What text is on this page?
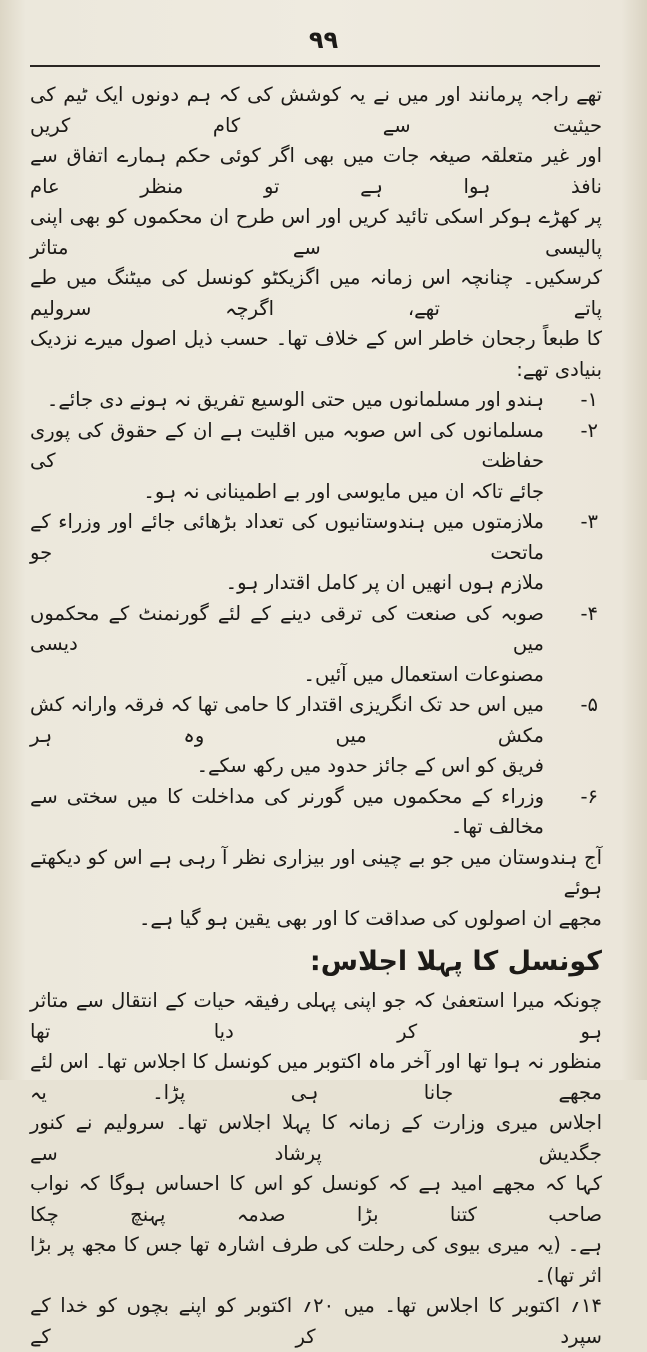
۹۹

تھے راجہ پرمانند اور میں نے یہ کوشش کی کہ ہم دونوں ایک ٹیم کی حیثیت سے کام کریں
اور غیر متعلقہ صیغہ جات میں بھی اگر کوئی حکم ہمارے اتفاق سے نافذ ہوا ہے تو منظر عام
پر کھڑے ہوکر اسکی تائید کریں اور اس طرح ان محکموں کو بھی اپنی پالیسی سے متاثر
کرسکیں۔ چنانچہ اس زمانہ میں اگزیکٹو کونسل کی میٹنگ میں طے پاتے تھے، اگرچہ سرولیم
کا طبعاً رجحان خاطر اس کے خلاف تھا۔ حسب ذیل اصول میرے نزدیک بنیادی تھے:

۱-
ہندو اور مسلمانوں میں حتی الوسیع تفریق نہ ہونے دی جائے۔
۲-
مسلمانوں کی اس صوبہ میں اقلیت ہے ان کے حقوق کی پوری حفاظت کی
جائے تاکہ ان میں مایوسی اور بے اطمینانی نہ ہو۔
۳-
ملازمتوں میں ہندوستانیوں کی تعداد بڑھائی جائے اور وزراء کے ماتحت جو
ملازم ہوں انھیں ان پر کامل اقتدار ہو۔
۴-
صوبہ کی صنعت کی ترقی دینے کے لئے گورنمنٹ کے محکموں میں دیسی
مصنوعات استعمال میں آئیں۔
۵-
میں اس حد تک انگریزی اقتدار کا حامی تھا کہ فرقہ وارانہ کش مکش میں وہ ہر
فریق کو اس کے جائز حدود میں رکھ سکے۔
۶-
وزراء کے محکموں میں گورنر کی مداخلت کا میں سختی سے مخالف تھا۔

آج ہندوستان میں جو بے چینی اور بیزاری نظر آ رہی ہے اس کو دیکھتے ہوئے
مجھے ان اصولوں کی صداقت کا اور بھی یقین ہو گیا ہے۔

کونسل کا پہلا اجلاس:

چونکہ میرا استعفیٰ کہ جو اپنی پہلی رفیقہ حیات کے انتقال سے متاثر ہو کر دیا تھا
منظور نہ ہوا تھا اور آخر ماہ اکتوبر میں کونسل کا اجلاس تھا۔ اس لئے مجھے جانا ہی پڑا۔ یہ
اجلاس میری وزارت کے زمانہ کا پہلا اجلاس تھا۔ سرولیم نے کنور جگدیش پرشاد سے
کہا کہ مجھے امید ہے کہ کونسل کو اس کا احساس ہوگا کہ نواب صاحب کتنا بڑا صدمہ پہنچ چکا
ہے۔ (یہ میری بیوی کی رحلت کی طرف اشارہ تھا جس کا مجھ پر بڑا اثر تھا)۔
۱۴؍ اکتوبر کا اجلاس تھا۔ میں ۲۰؍ اکتوبر کو اپنے بچوں کو خدا کے سپرد کر کے
